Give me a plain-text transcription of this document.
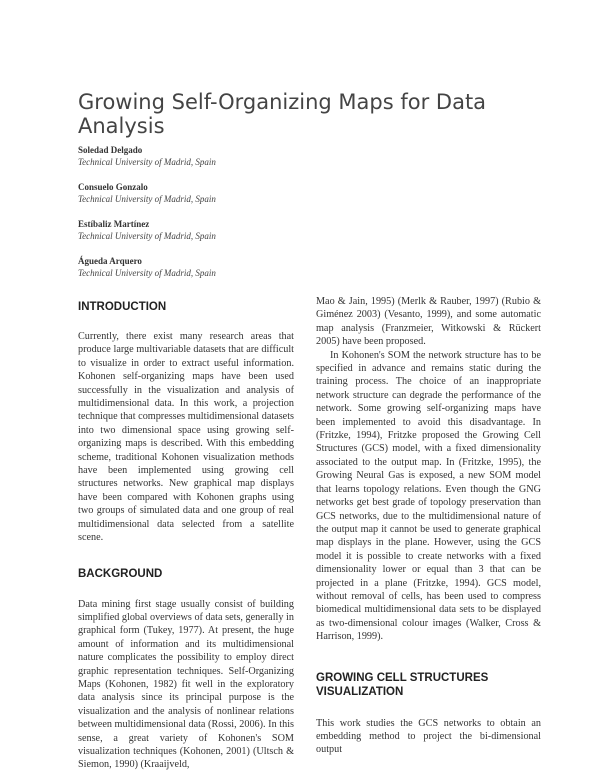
Growing Self-Organizing Maps for Data Analysis
Soledad Delgado
Technical University of Madrid, Spain
Consuelo Gonzalo
Technical University of Madrid, Spain
Estíbaliz Martínez
Technical University of Madrid, Spain
Águeda Arquero
Technical University of Madrid, Spain
INTRODUCTION

Currently, there exist many research areas that produce large multivariable datasets that are difficult to visualize in order to extract useful information. Kohonen self-organizing maps have been used successfully in the visualization and analysis of multidimensional data. In this work, a projection technique that compresses multidimensional datasets into two dimensional space using growing self-organizing maps is described. With this embedding scheme, traditional Kohonen visualization methods have been implemented using growing cell structures networks. New graphical map displays have been compared with Kohonen graphs using two groups of simulated data and one group of real multidimensional data selected from a satellite scene.

BACKGROUND

Data mining first stage usually consist of building simplified global overviews of data sets, generally in graphical form (Tukey, 1977). At present, the huge amount of information and its multidimensional nature complicates the possibility to employ direct graphic representation techniques. Self-Organizing Maps (Kohonen, 1982) fit well in the exploratory data analysis since its principal purpose is the visualization and the analysis of nonlinear relations between multidimensional data (Rossi, 2006). In this sense, a great variety of Kohonen's SOM visualization techniques (Kohonen, 2001) (Ultsch & Siemon, 1990) (Kraaijveld,

Mao & Jain, 1995) (Merlk & Rauber, 1997) (Rubio & Giménez 2003) (Vesanto, 1999), and some automatic map analysis (Franzmeier, Witkowski & Rückert 2005) have been proposed.

In Kohonen's SOM the network structure has to be specified in advance and remains static during the training process. The choice of an inappropriate network structure can degrade the performance of the network. Some growing self-organizing maps have been implemented to avoid this disadvantage. In (Fritzke, 1994), Fritzke proposed the Growing Cell Structures (GCS) model, with a fixed dimensionality associated to the output map. In (Fritzke, 1995), the Growing Neural Gas is exposed, a new SOM model that learns topology relations. Even though the GNG networks get best grade of topology preservation than GCS networks, due to the multidimensional nature of the output map it cannot be used to generate graphical map displays in the plane. However, using the GCS model it is possible to create networks with a fixed dimensionality lower or equal than 3 that can be projected in a plane (Fritzke, 1994). GCS model, without removal of cells, has been used to compress biomedical multidimensional data sets to be displayed as two-dimensional colour images (Walker, Cross & Harrison, 1999).

GROWING CELL STRUCTURES VISUALIZATION

This work studies the GCS networks to obtain an embedding method to project the bi-dimensional output
